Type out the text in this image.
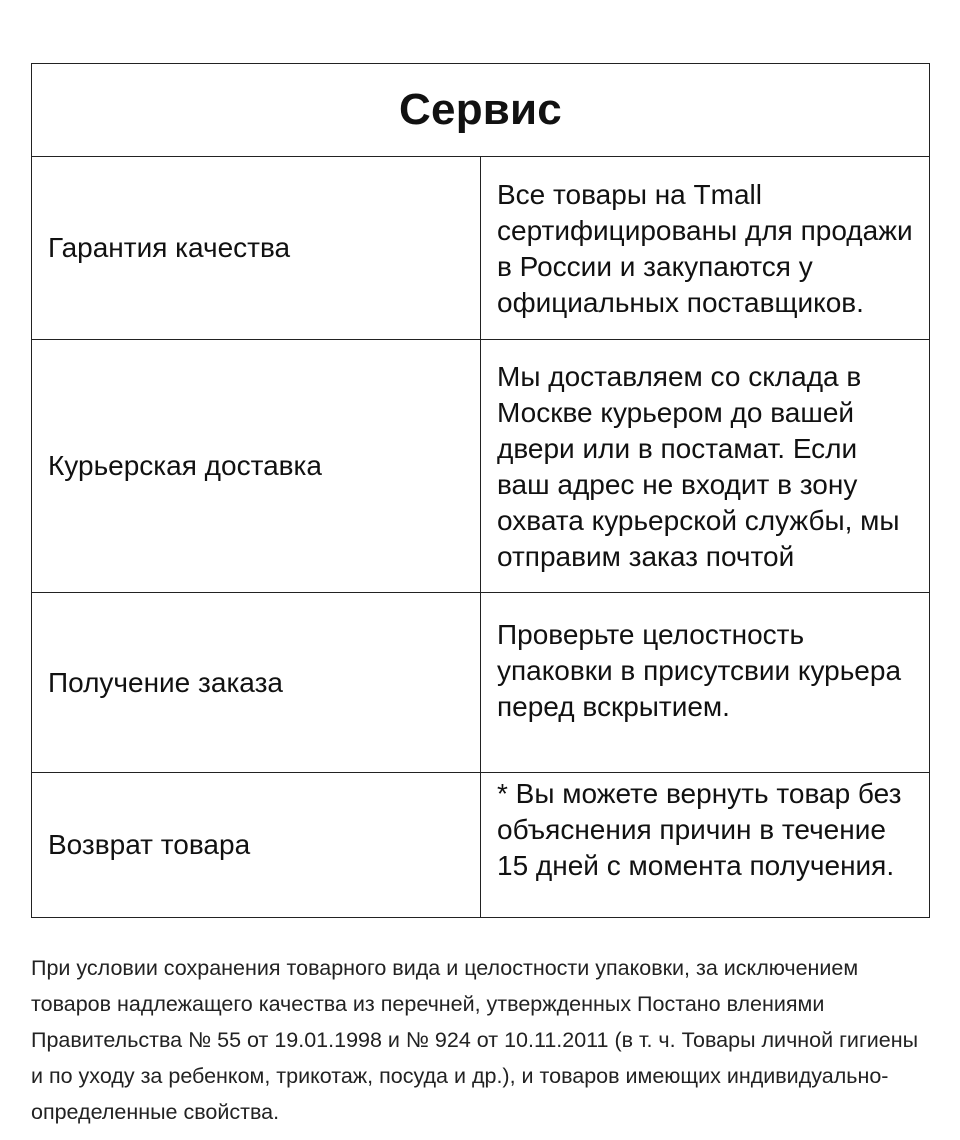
Сервис	
Гарантия качества	Все товары на Tmall сертифицированы для продажи в России и закупаются у официальных поставщиков.

Курьерская доставка	Мы доставляем со склада в Москве курьером до вашей двери или в постамат. Если ваш адрес не входит в зону охвата курьерской службы, мы отправим заказ почтой

Получение заказа	Проверьте целостность упаковки в присутсвии курьера перед вскрытием.

Возврат товара	* Вы можете вернуть товар без объяснения причин в течение 15 дней с момента получения.

При условии сохранения товарного вида и целостности упаковки, за исключением товаров надлежащего качества из перечней, утвержденных Постано влениями Правительства № 55 от 19.01.1998 и № 924 от 10.11.2011 (в т. ч. Товары личной гигиены и по уходу за ребенком, трикотаж, посуда и др.), и товаров имеющих индивидуально-определенные свойства.
